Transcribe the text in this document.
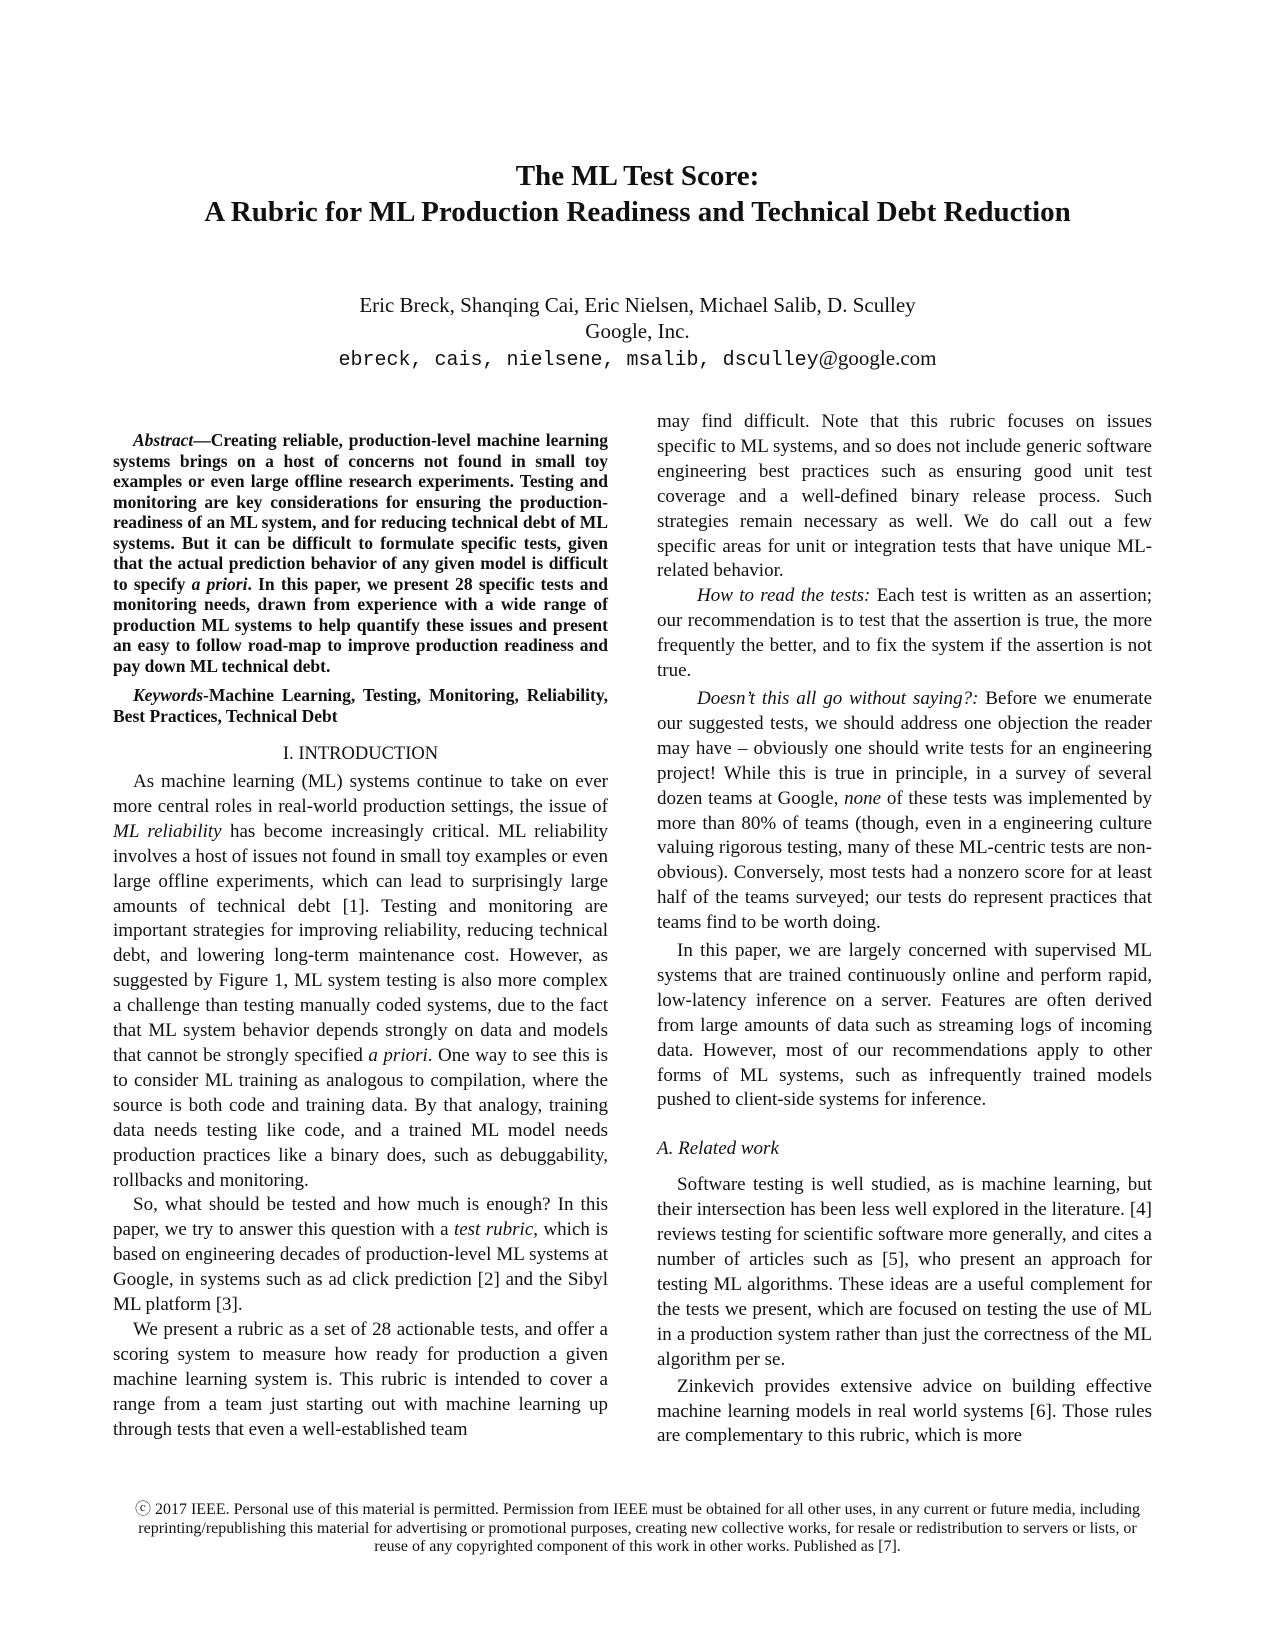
The ML Test Score:
A Rubric for ML Production Readiness and Technical Debt Reduction
Eric Breck, Shanqing Cai, Eric Nielsen, Michael Salib, D. Sculley
Google, Inc.
ebreck, cais, nielsene, msalib, dsculley@google.com

Abstract—Creating reliable, production-level machine learning systems brings on a host of concerns not found in small toy examples or even large offline research experiments. Testing and monitoring are key considerations for ensuring the production-readiness of an ML system, and for reducing technical debt of ML systems. But it can be difficult to formulate specific tests, given that the actual prediction behavior of any given model is difficult to specify a priori. In this paper, we present 28 specific tests and monitoring needs, drawn from experience with a wide range of production ML systems to help quantify these issues and present an easy to follow road-map to improve production readiness and pay down ML technical debt.

Keywords-Machine Learning, Testing, Monitoring, Reliability, Best Practices, Technical Debt

I. INTRODUCTION

As machine learning (ML) systems continue to take on ever more central roles in real-world production settings, the issue of ML reliability has become increasingly critical. ML reliability involves a host of issues not found in small toy examples or even large offline experiments, which can lead to surprisingly large amounts of technical debt [1]. Testing and monitoring are important strategies for improving reliability, reducing technical debt, and lowering long-term maintenance cost. However, as suggested by Figure 1, ML system testing is also more complex a challenge than testing manually coded systems, due to the fact that ML system behavior depends strongly on data and models that cannot be strongly specified a priori. One way to see this is to consider ML training as analogous to compilation, where the source is both code and training data. By that analogy, training data needs testing like code, and a trained ML model needs production practices like a binary does, such as debuggability, rollbacks and monitoring.

So, what should be tested and how much is enough? In this paper, we try to answer this question with a test rubric, which is based on engineering decades of production-level ML systems at Google, in systems such as ad click prediction [2] and the Sibyl ML platform [3].

We present a rubric as a set of 28 actionable tests, and offer a scoring system to measure how ready for production a given machine learning system is. This rubric is intended to cover a range from a team just starting out with machine learning up through tests that even a well-established team

may find difficult. Note that this rubric focuses on issues specific to ML systems, and so does not include generic software engineering best practices such as ensuring good unit test coverage and a well-defined binary release process. Such strategies remain necessary as well. We do call out a few specific areas for unit or integration tests that have unique ML-related behavior.

How to read the tests: Each test is written as an assertion; our recommendation is to test that the assertion is true, the more frequently the better, and to fix the system if the assertion is not true.

Doesn’t this all go without saying?: Before we enumerate our suggested tests, we should address one objection the reader may have – obviously one should write tests for an engineering project! While this is true in principle, in a survey of several dozen teams at Google, none of these tests was implemented by more than 80% of teams (though, even in a engineering culture valuing rigorous testing, many of these ML-centric tests are non-obvious). Conversely, most tests had a nonzero score for at least half of the teams surveyed; our tests do represent practices that teams find to be worth doing.

In this paper, we are largely concerned with supervised ML systems that are trained continuously online and perform rapid, low-latency inference on a server. Features are often derived from large amounts of data such as streaming logs of incoming data. However, most of our recommendations apply to other forms of ML systems, such as infrequently trained models pushed to client-side systems for inference.

A. Related work

Software testing is well studied, as is machine learning, but their intersection has been less well explored in the literature. [4] reviews testing for scientific software more generally, and cites a number of articles such as [5], who present an approach for testing ML algorithms. These ideas are a useful complement for the tests we present, which are focused on testing the use of ML in a production system rather than just the correctness of the ML algorithm per se.

Zinkevich provides extensive advice on building effective machine learning models in real world systems [6]. Those rules are complementary to this rubric, which is more

ⓒ 2017 IEEE. Personal use of this material is permitted. Permission from IEEE must be obtained for all other uses, in any current or future media, including reprinting/republishing this material for advertising or promotional purposes, creating new collective works, for resale or redistribution to servers or lists, or reuse of any copyrighted component of this work in other works. Published as [7].
